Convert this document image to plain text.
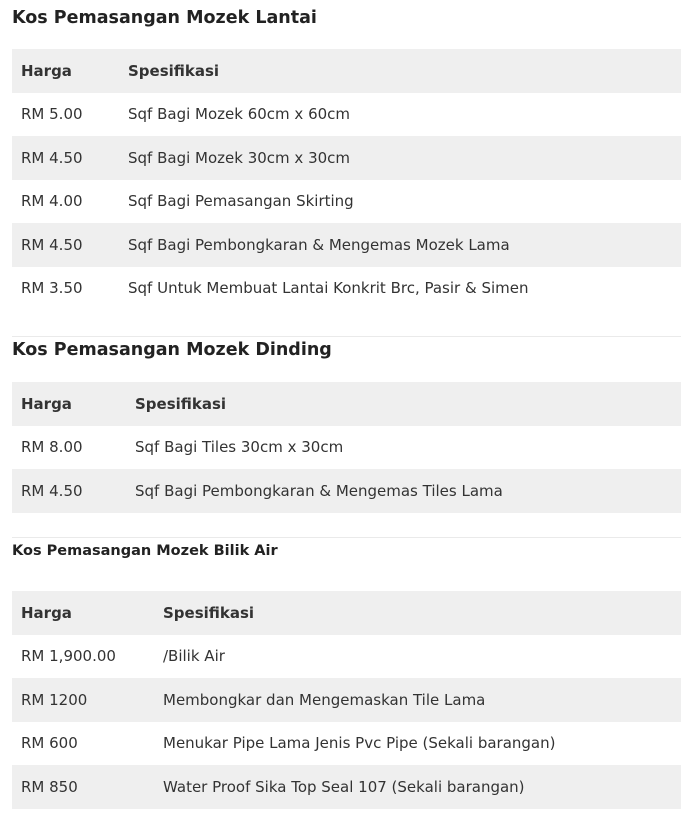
Kos Pemasangan Mozek Lantai
Harga	Spesifikasi
RM 5.00	Sqf Bagi Mozek 60cm x 60cm
RM 4.50	Sqf Bagi Mozek 30cm x 30cm
RM 4.00	Sqf Bagi Pemasangan Skirting
RM 4.50	Sqf Bagi Pembongkaran & Mengemas Mozek Lama
RM 3.50	Sqf Untuk Membuat Lantai Konkrit Brc, Pasir & Simen
Kos Pemasangan Mozek Dinding
Harga	Spesifikasi
RM 8.00	Sqf Bagi Tiles 30cm x 30cm
RM 4.50	Sqf Bagi Pembongkaran & Mengemas Tiles Lama
Kos Pemasangan Mozek Bilik Air
Harga	Spesifikasi
RM 1,900.00	/Bilik Air
RM 1200	Membongkar dan Mengemaskan Tile Lama
RM 600	Menukar Pipe Lama Jenis Pvc Pipe (Sekali barangan)
RM 850	Water Proof Sika Top Seal 107 (Sekali barangan)
